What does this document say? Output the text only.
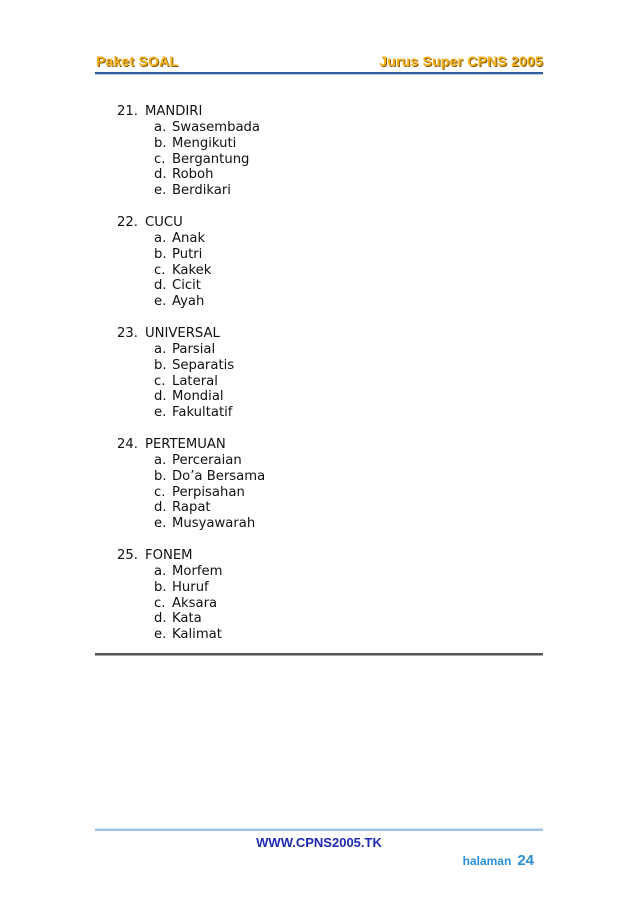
Paket SOAL	Jurus Super CPNS 2005
21. MANDIRI
a. Swasembada
b. Mengikuti
c. Bergantung
d. Roboh
e. Berdikari
22. CUCU
a. Anak
b. Putri
c. Kakek
d. Cicit
e. Ayah
23. UNIVERSAL
a. Parsial
b. Separatis
c. Lateral
d. Mondial
e. Fakultatif
24. PERTEMUAN
a. Perceraian
b. Do’a Bersama
c. Perpisahan
d. Rapat
e. Musyawarah
25. FONEM
a. Morfem
b. Huruf
c. Aksara
d. Kata
e. Kalimat
WWW.CPNS2005.TK
halaman 24
